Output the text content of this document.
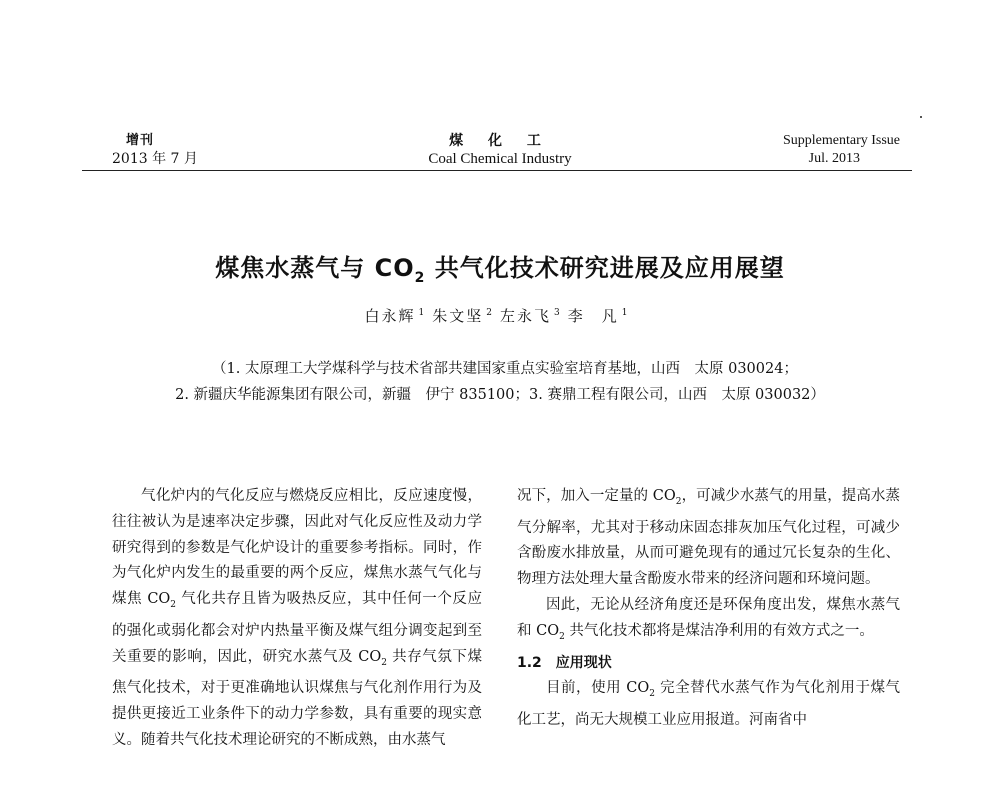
增刊
2013 年 7 月
煤 化 工
Coal Chemical Industry
Supplementary Issue
Jul. 2013
煤焦水蒸气与 $CO_2$ 共气化技术研究进展及应用展望
白永辉 $^1$ 朱文坚 $^2$ 左永飞 $^3$ 李　凡 $^1$
（1. 太原理工大学煤科学与技术省部共建国家重点实验室培育基地，山西　太原 030024；
2. 新疆庆华能源集团有限公司，新疆　伊宁 835100；3. 赛鼎工程有限公司，山西　太原 030032）

气化炉内的气化反应与燃烧反应相比，反应速度慢，往往被认为是速率决定步骤，因此对气化反应性及动力学研究得到的参数是气化炉设计的重要参考指标。同时，作为气化炉内发生的最重要的两个反应，煤焦水蒸气气化与煤焦 $CO_2$ 气化共存且皆为吸热反应，其中任何一个反应的强化或弱化都会对炉内热量平衡及煤气组分调变起到至关重要的影响，因此，研究水蒸气及 $CO_2$ 共存气氛下煤焦气化技术，对于更准确地认识煤焦与气化剂作用行为及提供更接近工业条件下的动力学参数，具有重要的现实意义。随着共气化技术理论研究的不断成熟，由水蒸气

况下，加入一定量的 $CO_2$，可减少水蒸气的用量，提高水蒸气分解率，尤其对于移动床固态排灰加压气化过程，可减少含酚废水排放量，从而可避免现有的通过冗长复杂的生化、物理方法处理大量含酚废水带来的经济问题和环境问题。

因此，无论从经济角度还是环保角度出发，煤焦水蒸气和 $CO_2$ 共气化技术都将是煤洁净利用的有效方式之一。

1.2　应用现状

目前，使用 $CO_2$ 完全替代水蒸气作为气化剂用于煤气化工艺，尚无大规模工业应用报道。河南省中
